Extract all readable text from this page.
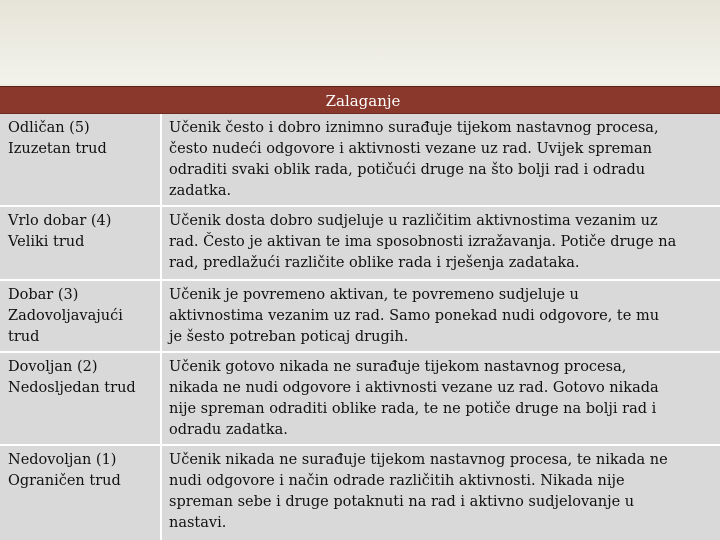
Zalaganje
Odličan (5)
Izuzetan trud
Učenik često i dobro iznimno surađuje tijekom nastavnog procesa,
često nudeći odgovore i aktivnosti vezane uz rad. Uvijek spreman
odraditi svaki oblik rada, potičući druge na što bolji rad i odradu
zadatka.
Vrlo dobar (4)
Veliki trud
Učenik dosta dobro sudjeluje u različitim aktivnostima vezanim uz
rad. Često je aktivan te ima sposobnosti izražavanja. Potiče druge na
rad, predlažući različite oblike rada i rješenja zadataka.
Dobar (3)
Zadovoljavajući
trud
Učenik je povremeno aktivan, te povremeno sudjeluje u
aktivnostima vezanim uz rad. Samo ponekad nudi odgovore, te mu
je šesto potreban poticaj drugih.
Dovoljan (2)
Nedosljedan trud
Učenik gotovo nikada ne surađuje tijekom nastavnog procesa,
nikada ne nudi odgovore i aktivnosti vezane uz rad. Gotovo nikada
nije spreman odraditi oblike rada, te ne potiče druge na bolji rad i
odradu zadatka.
Nedovoljan (1)
Ograničen trud
Učenik nikada ne surađuje tijekom nastavnog procesa, te nikada ne
nudi odgovore i način odrade različitih aktivnosti. Nikada nije
spreman sebe i druge potaknuti na rad i aktivno sudjelovanje u
nastavi.
